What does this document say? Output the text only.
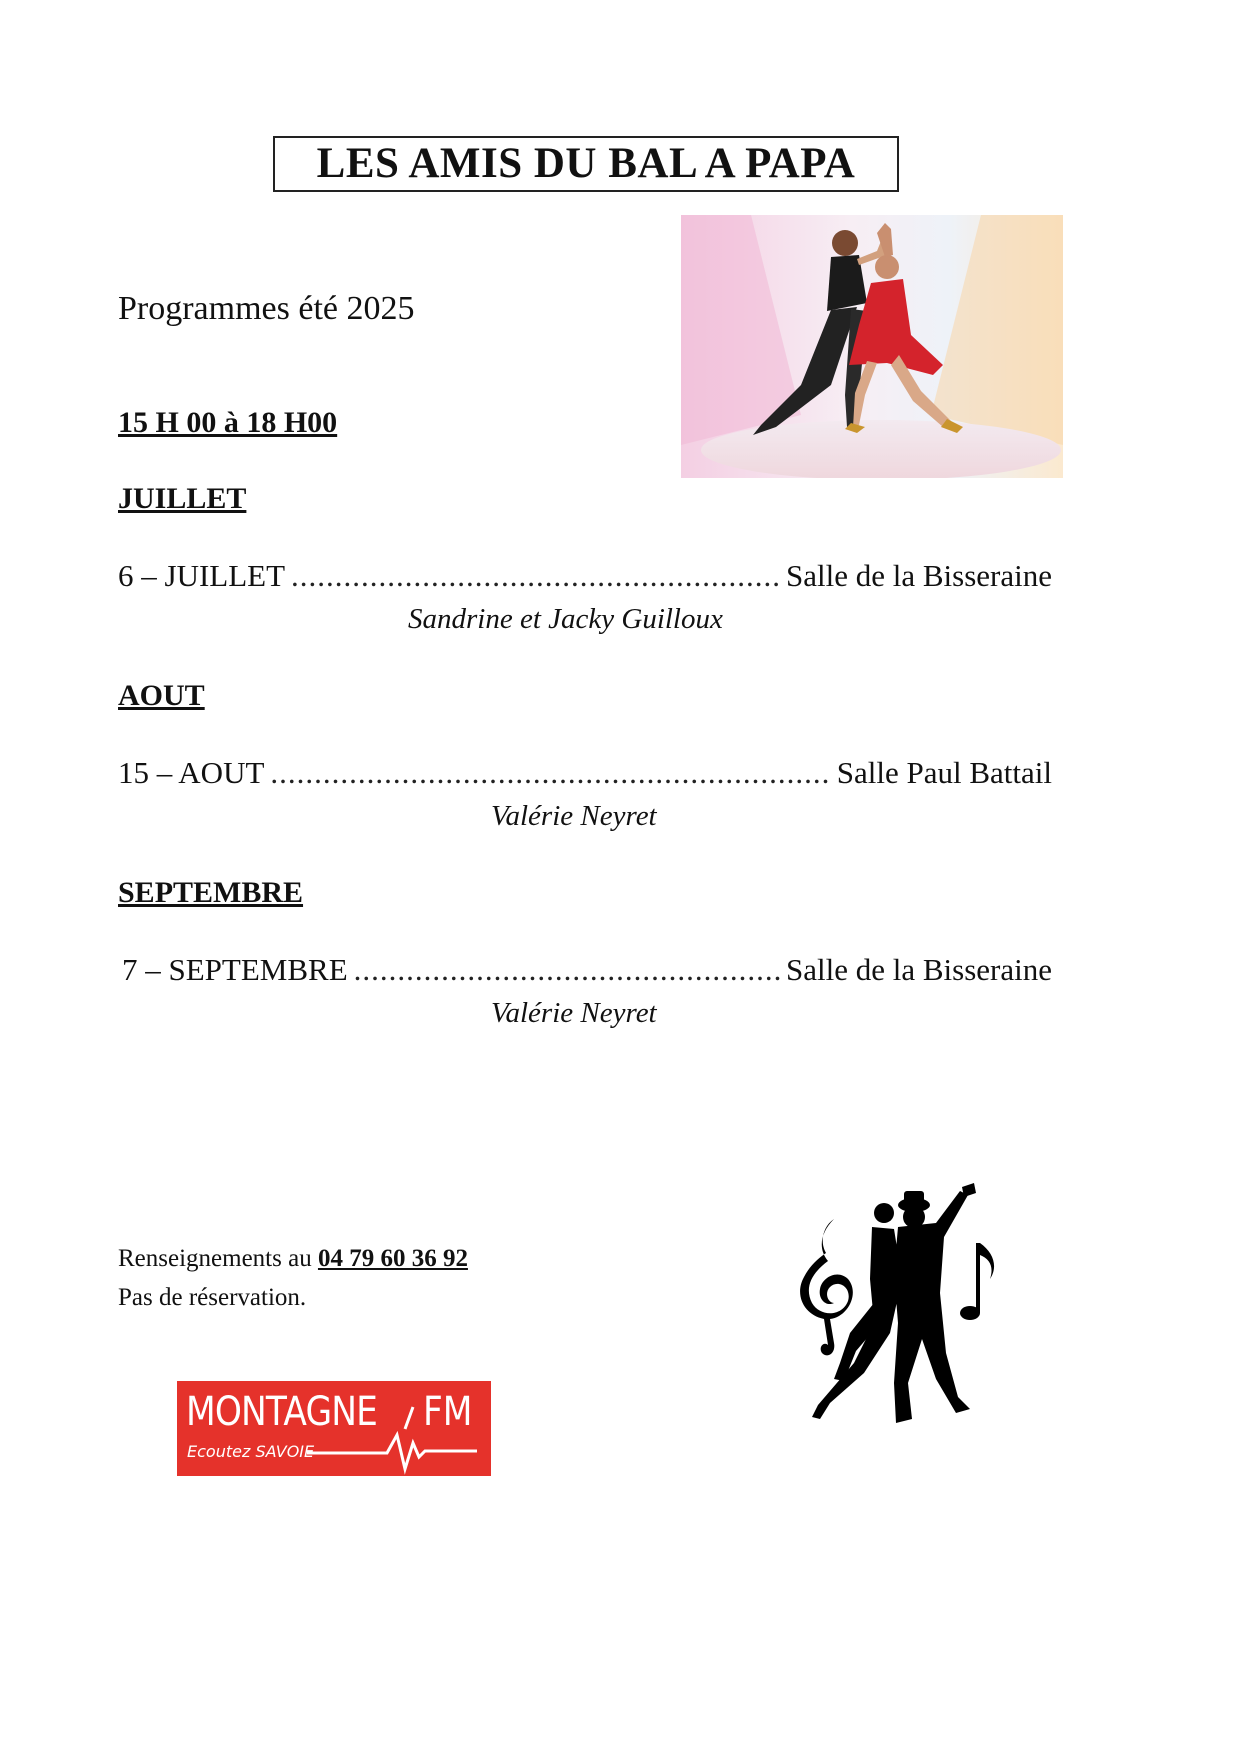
LES AMIS DU BAL A PAPA
Programmes été 2025
15 H 00 à 18 H00
JUILLET
6 – JUILLET .....	Salle de la Bisseraine
Sandrine et Jacky Guilloux
AOUT
15 – AOUT .....	Salle Paul Battail
Valérie Neyret
SEPTEMBRE
7 – SEPTEMBRE .....	Salle de la Bisseraine
Valérie Neyret
Renseignements au 04 79 60 36 92
Pas de réservation.
MONTAGNE FM
Ecoutez SAVOIE
